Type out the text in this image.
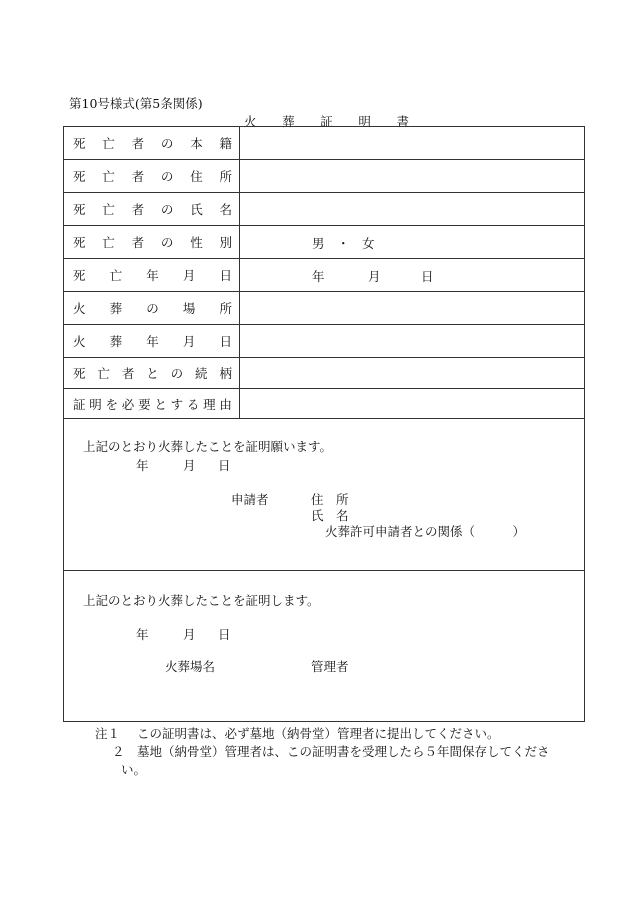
第10号様式(第5条関係)
火 葬 証 明 書
死 亡 者 の 本 籍
死 亡 者 の 住 所
死 亡 者 の 氏 名
死 亡 者 の 性 別	男　・　女
死 亡 年 月 日	年	月	日
火 葬 の 場 所
火 葬 年 月 日
死 亡 者 と の 続 柄
証 明 を 必 要 と す る 理 由
上記のとおり火葬したことを証明願います。
年	月 日
申請者	住　所
氏　名
火葬許可申請者との関係（　　　）
上記のとおり火葬したことを証明します。
年	月 日
火葬場名	管理者
注１ この証明書は、必ず墓地（納骨堂）管理者に提出してください。
２ 墓地（納骨堂）管理者は、この証明書を受理したら５年間保存してくださ
い。
